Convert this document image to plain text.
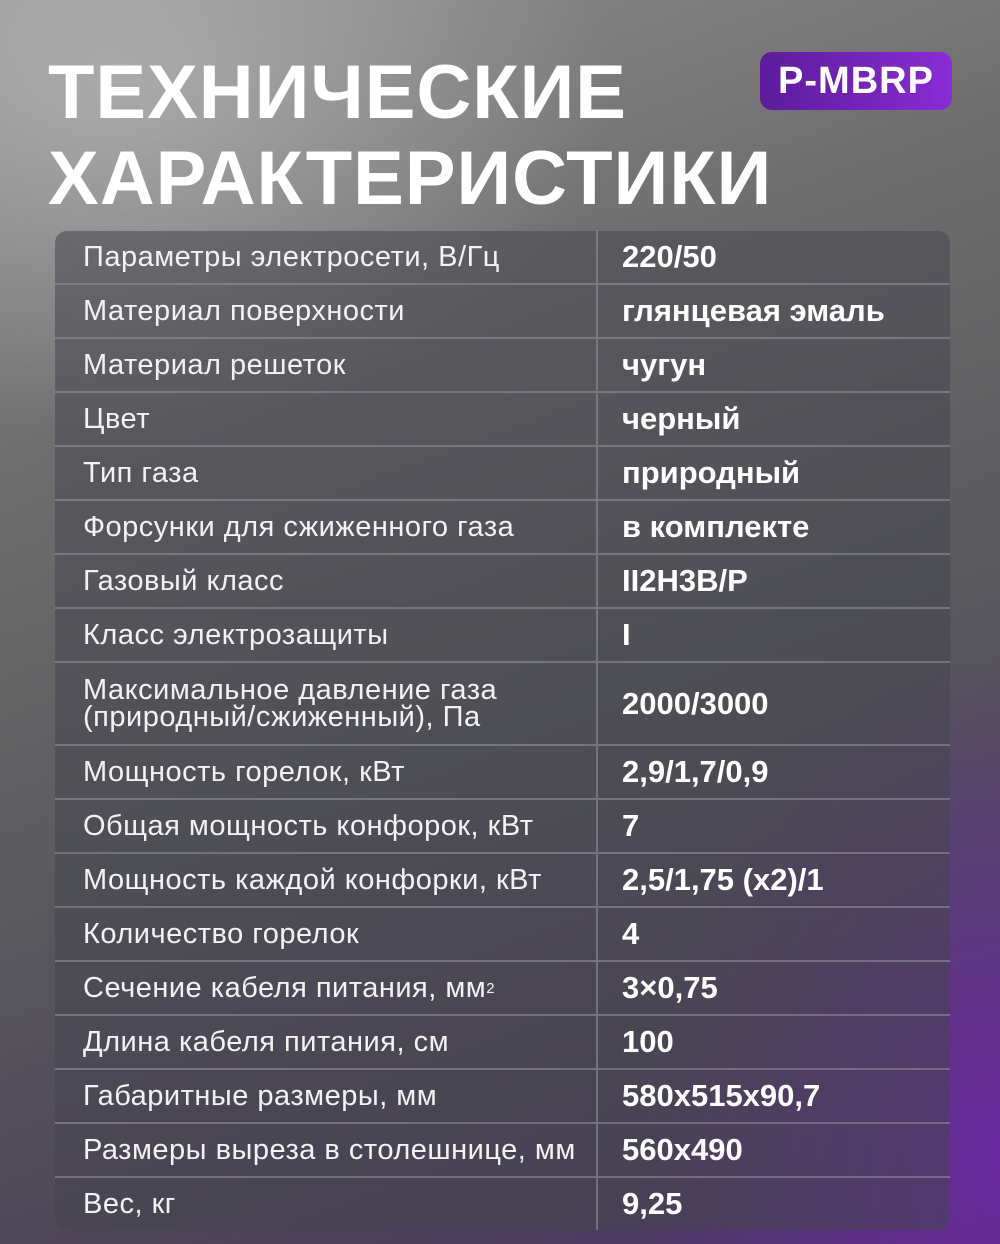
ТЕХНИЧЕСКИЕ
ХАРАКТЕРИСТИКИ
P-MBRP
Параметры электросети, В/Гц	220/50
Материал поверхности	глянцевая эмаль
Материал решеток	чугун
Цвет	черный
Тип газа	природный
Форсунки для сжиженного газа	в комплекте
Газовый класс	II2H3B/P
Класс электрозащиты	I
Максимальное давление газа
(природный/сжиженный), Па	2000/3000
Мощность горелок, кВт	2,9/1,7/0,9
Общая мощность конфорок, кВт	7
Мощность каждой конфорки, кВт	2,5/1,75 (x2)/1
Количество горелок	4
Сечение кабеля питания, мм 2	3×0,75
Длина кабеля питания, см	100
Габаритные размеры, мм	580x515x90,7
Размеры выреза в столешнице, мм	560x490
Вес, кг	9,25
